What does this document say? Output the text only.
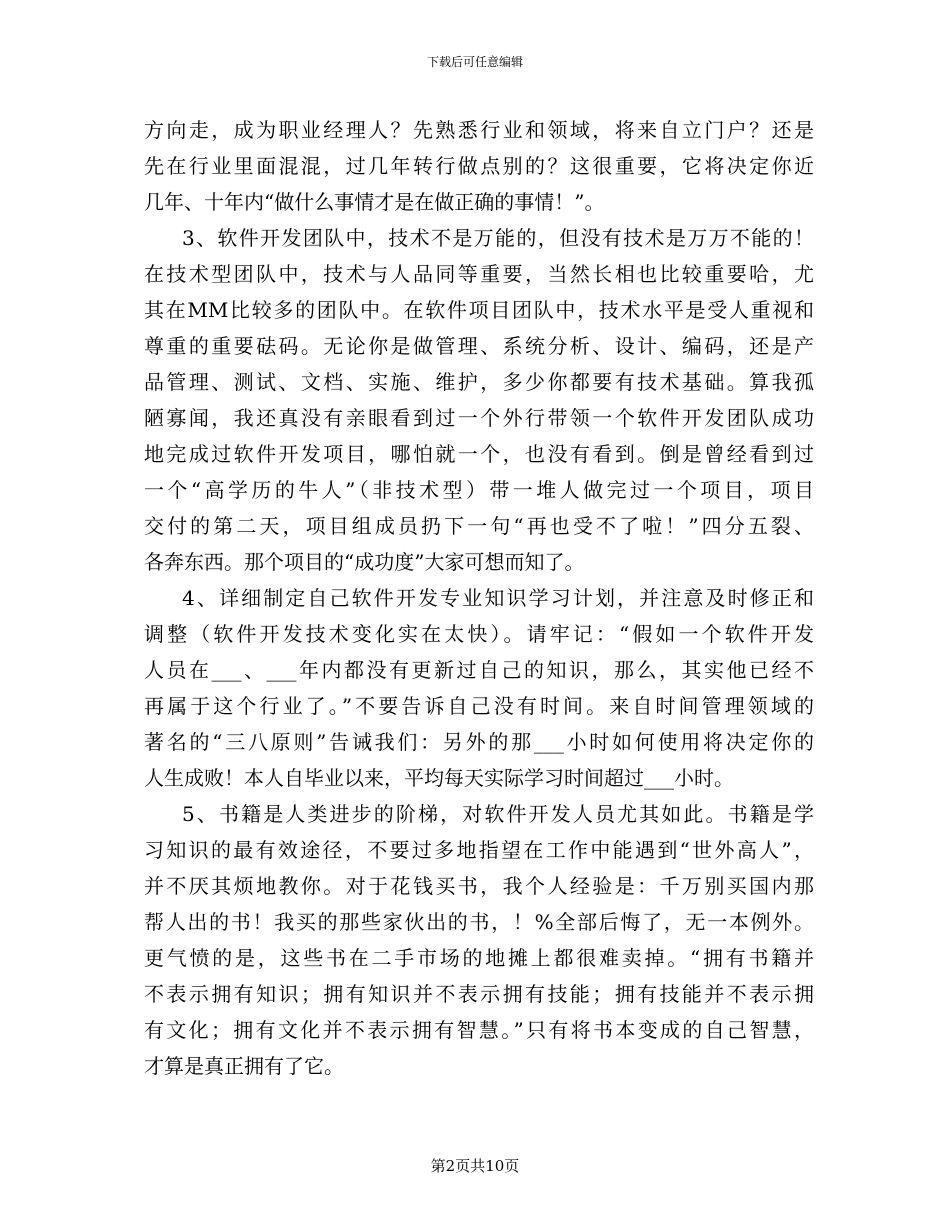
下载后可任意编辑
方向走，成为职业经理人？先熟悉行业和领域，将来自立门户？还是
先在行业里面混混，过几年转行做点别的？这很重要，它将决定你近
几年、十年内“做什么事情才是在做正确的事情！”。
3、软件开发团队中，技术不是万能的，但没有技术是万万不能的！
在技术型团队中，技术与人品同等重要，当然长相也比较重要哈，尤
其在MM比较多的团队中。在软件项目团队中，技术水平是受人重视和
尊重的重要砝码。无论你是做管理、系统分析、设计、编码，还是产
品管理、测试、文档、实施、维护，多少你都要有技术基础。算我孤
陋寡闻，我还真没有亲眼看到过一个外行带领一个软件开发团队成功
地完成过软件开发项目，哪怕就一个，也没有看到。倒是曾经看到过
一个“高学历的牛人”（非技术型）带一堆人做完过一个项目，项目
交付的第二天，项目组成员扔下一句“再也受不了啦！”四分五裂、
各奔东西。那个项目的“成功度”大家可想而知了。
4、详细制定自己软件开发专业知识学习计划，并注意及时修正和
调整（软件开发技术变化实在太快）。请牢记：“假如一个软件开发
人员在___、___年内都没有更新过自己的知识，那么，其实他已经不
再属于这个行业了。”不要告诉自己没有时间。来自时间管理领域的
著名的“三八原则”告诫我们：另外的那___小时如何使用将决定你的
人生成败！本人自毕业以来，平均每天实际学习时间超过___小时。
5、书籍是人类进步的阶梯，对软件开发人员尤其如此。书籍是学
习知识的最有效途径，不要过多地指望在工作中能遇到“世外高人”，
并不厌其烦地教你。对于花钱买书，我个人经验是：千万别买国内那
帮人出的书！我买的那些家伙出的书，！%全部后悔了，无一本例外。
更气愤的是，这些书在二手市场的地摊上都很难卖掉。“拥有书籍并
不表示拥有知识；拥有知识并不表示拥有技能；拥有技能并不表示拥
有文化；拥有文化并不表示拥有智慧。”只有将书本变成的自己智慧，
才算是真正拥有了它。
第2页共10页
